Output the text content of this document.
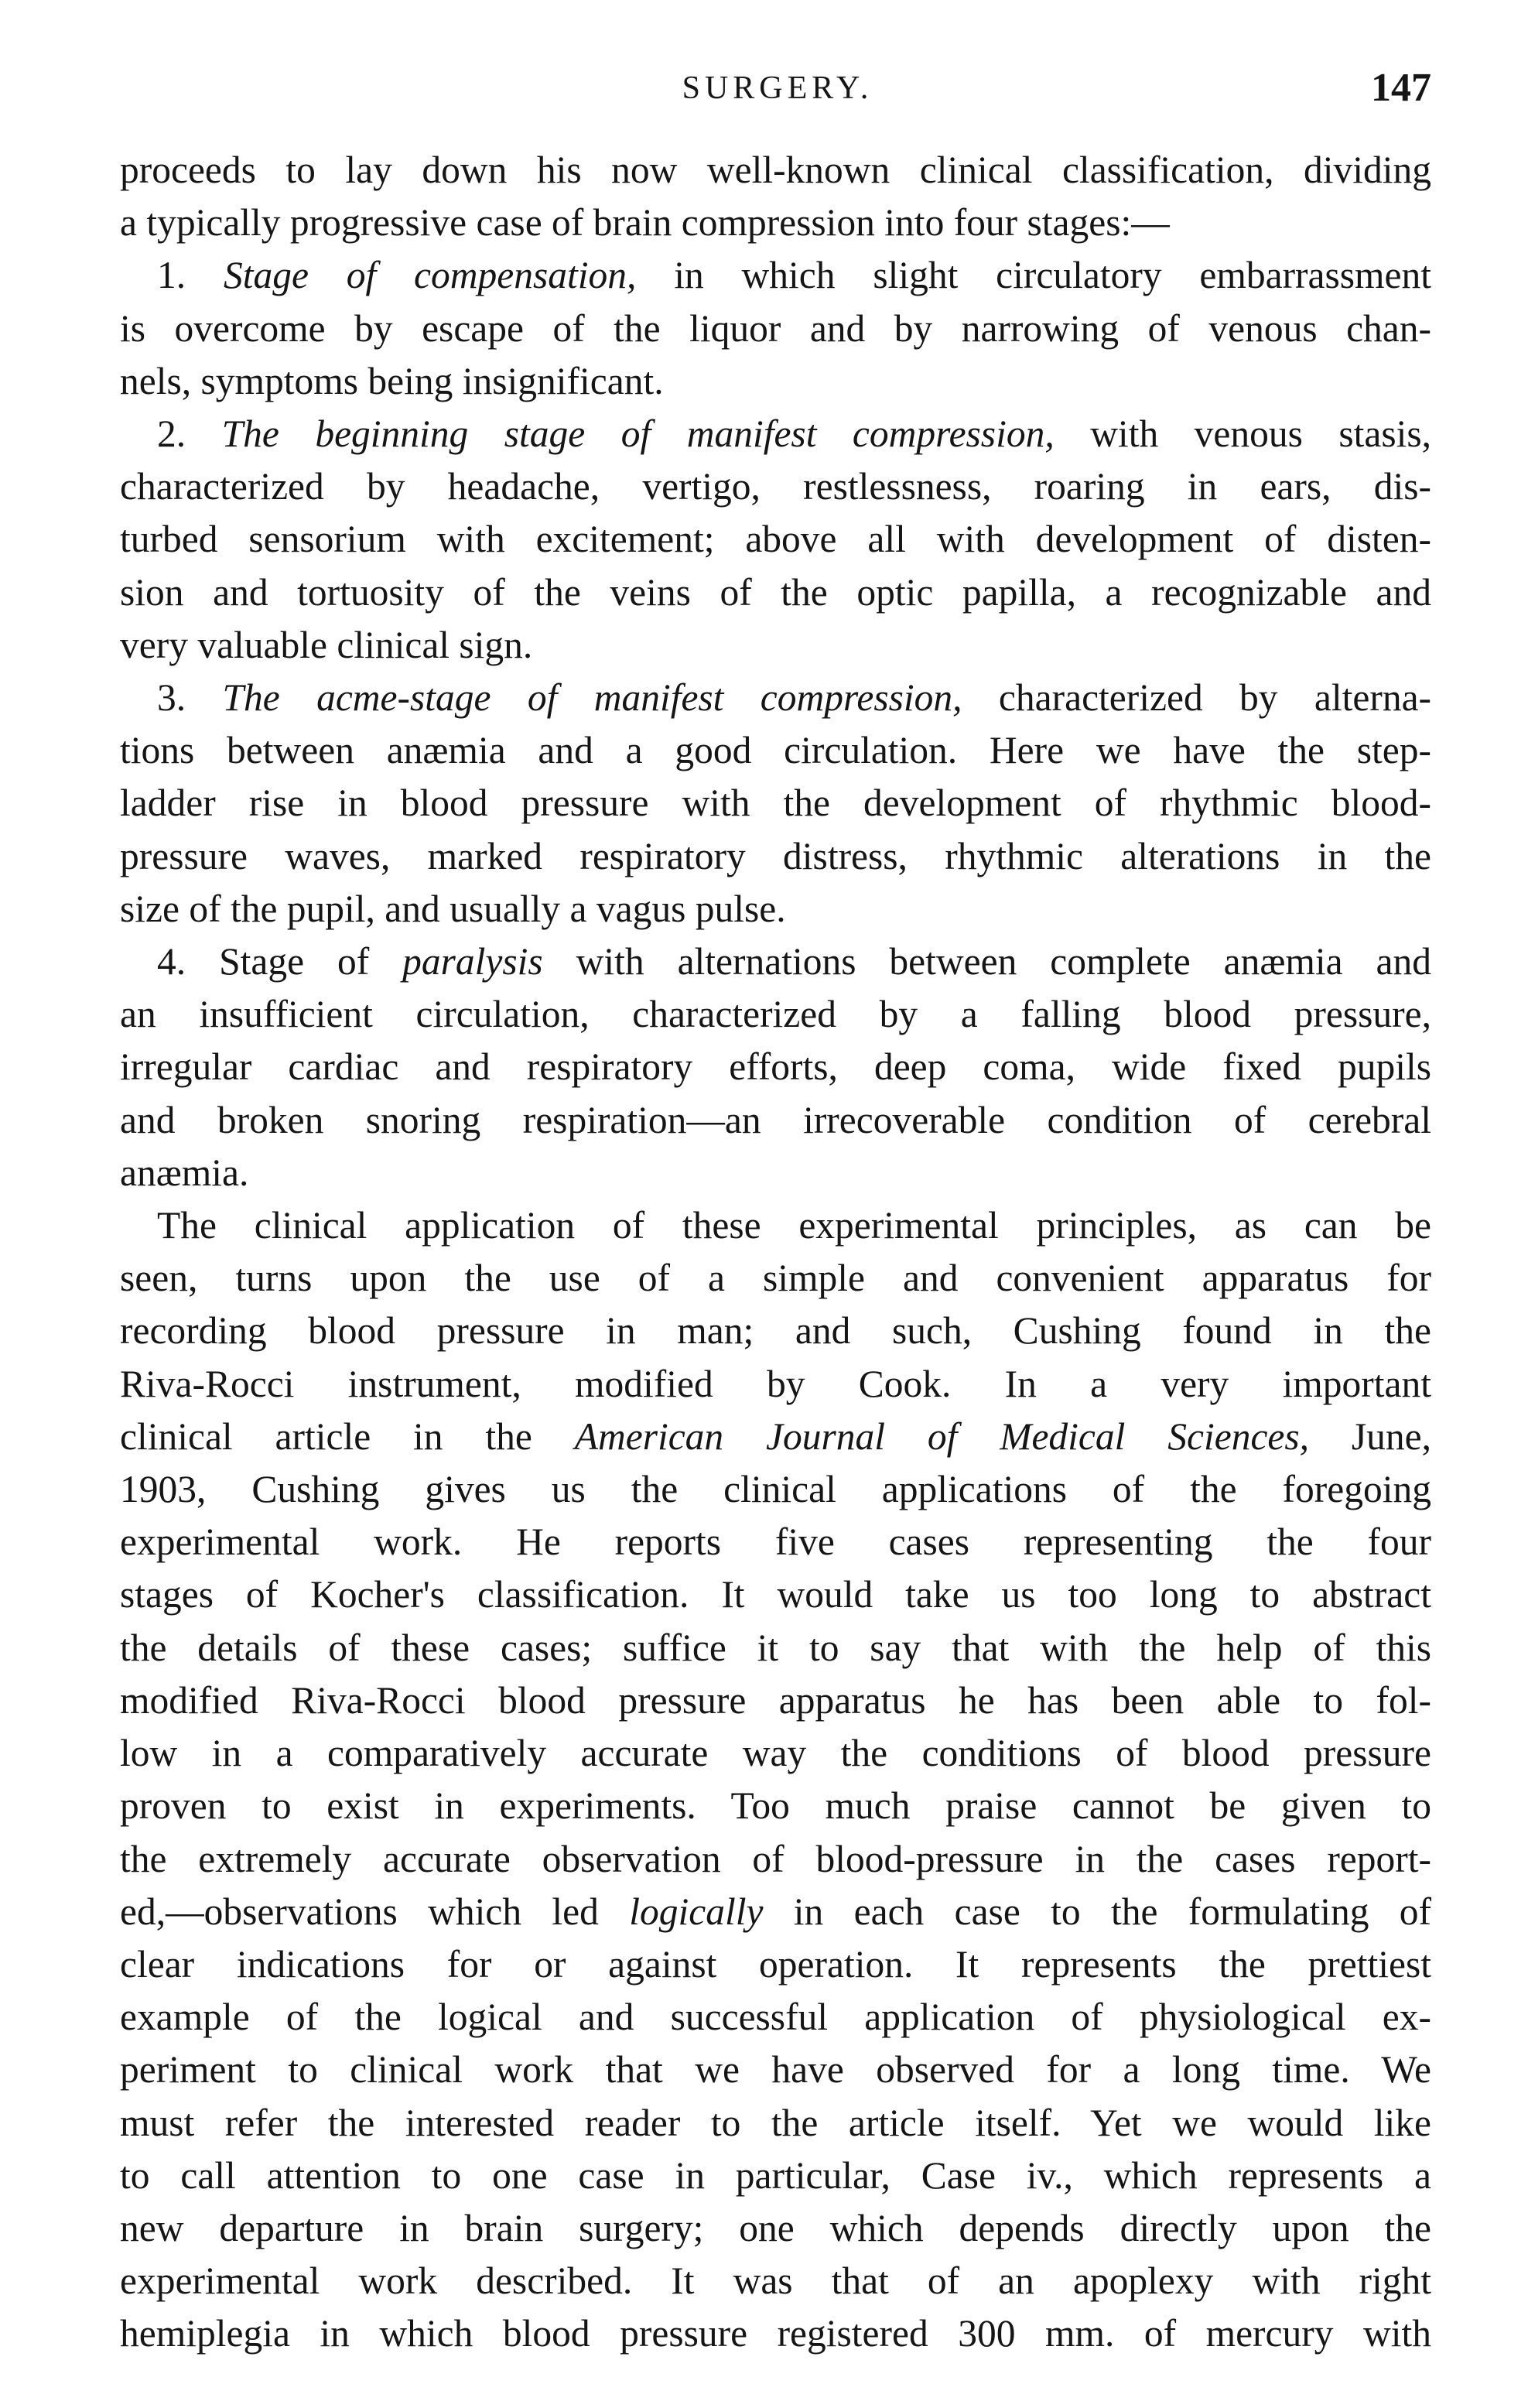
SURGERY.	147
proceeds to lay down his now well-known clinical classification, dividing
a typically progressive case of brain compression into four stages:—
1. Stage of compensation, in which slight circulatory embarrassment
is overcome by escape of the liquor and by narrowing of venous chan-
nels, symptoms being insignificant.
2. The beginning stage of manifest compression, with venous stasis,
characterized by headache, vertigo, restlessness, roaring in ears, dis-
turbed sensorium with excitement; above all with development of disten-
sion and tortuosity of the veins of the optic papilla, a recognizable and
very valuable clinical sign.
3. The acme-stage of manifest compression, characterized by alterna-
tions between anæmia and a good circulation. Here we have the step-
ladder rise in blood pressure with the development of rhythmic blood-
pressure waves, marked respiratory distress, rhythmic alterations in the
size of the pupil, and usually a vagus pulse.
4. Stage of paralysis with alternations between complete anæmia and
an insufficient circulation, characterized by a falling blood pressure,
irregular cardiac and respiratory efforts, deep coma, wide fixed pupils
and broken snoring respiration—an irrecoverable condition of cerebral
anæmia.
The clinical application of these experimental principles, as can be
seen, turns upon the use of a simple and convenient apparatus for
recording blood pressure in man; and such, Cushing found in the
Riva-Rocci instrument, modified by Cook. In a very important
clinical article in the American Journal of Medical Sciences, June,
1903, Cushing gives us the clinical applications of the foregoing
experimental work. He reports five cases representing the four
stages of Kocher's classification. It would take us too long to abstract
the details of these cases; suffice it to say that with the help of this
modified Riva-Rocci blood pressure apparatus he has been able to fol-
low in a comparatively accurate way the conditions of blood pressure
proven to exist in experiments. Too much praise cannot be given to
the extremely accurate observation of blood-pressure in the cases report-
ed,—observations which led logically in each case to the formulating of
clear indications for or against operation. It represents the prettiest
example of the logical and successful application of physiological ex-
periment to clinical work that we have observed for a long time. We
must refer the interested reader to the article itself. Yet we would like
to call attention to one case in particular, Case iv., which represents a
new departure in brain surgery; one which depends directly upon the
experimental work described. It was that of an apoplexy with right
hemiplegia in which blood pressure registered 300 mm. of mercury with
